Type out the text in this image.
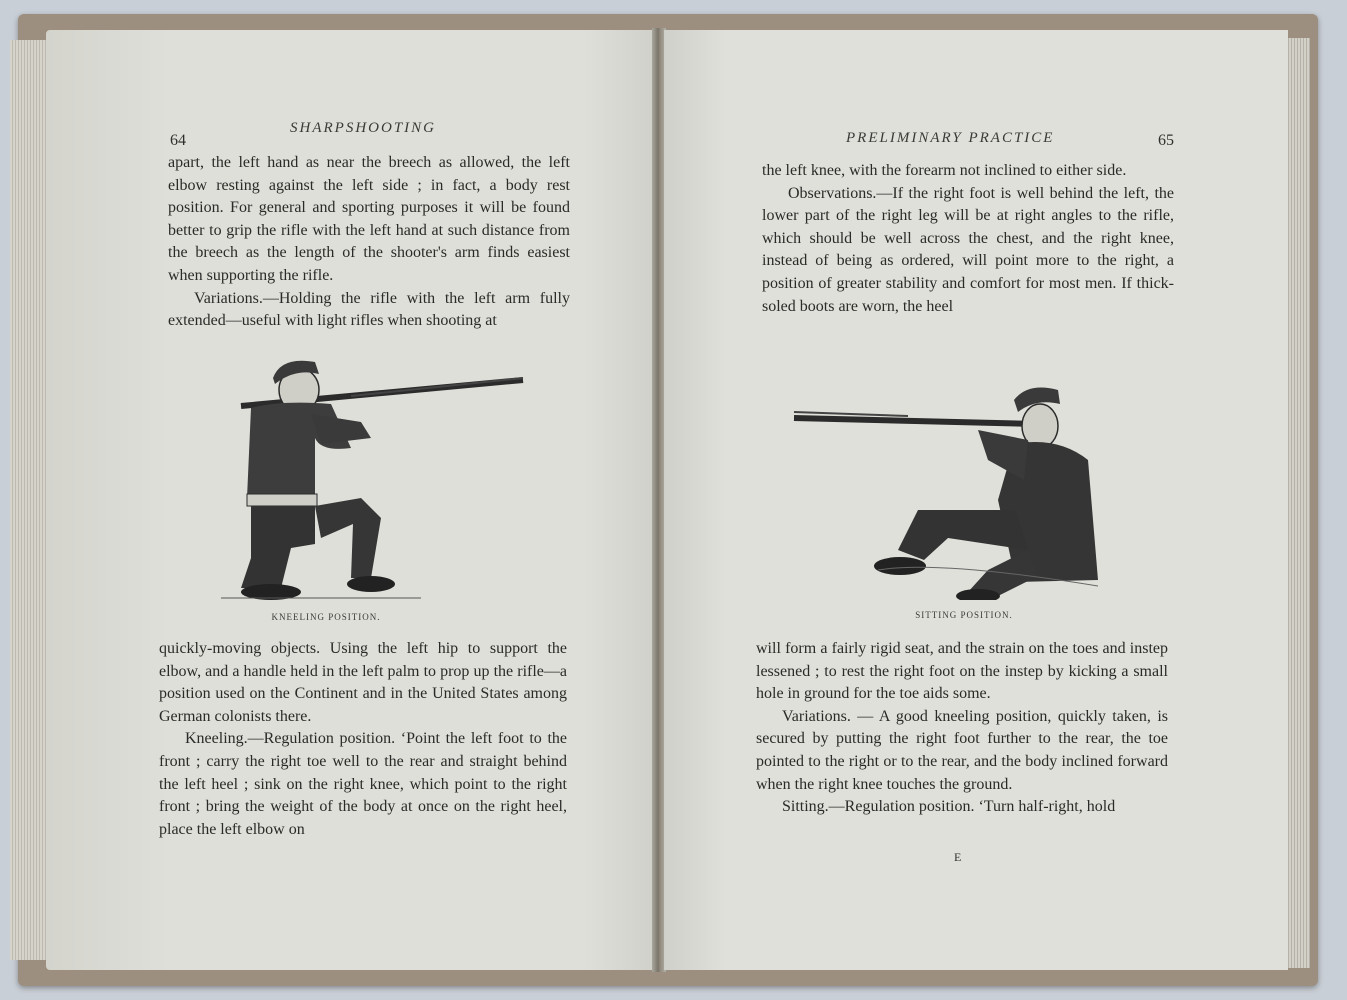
64
SHARPSHOOTING

apart, the left hand as near the breech as allowed, the left elbow resting against the left side ; in fact, a body rest position. For general and sporting purposes it will be found better to grip the rifle with the left hand at such distance from the breech as the length of the shooter's arm finds easiest when supporting the rifle.

Variations.—Holding the rifle with the left arm fully extended—useful with light rifles when shooting at

KNEELING POSITION.

quickly-moving objects. Using the left hip to support the elbow, and a handle held in the left palm to prop up the rifle—a position used on the Continent and in the United States among German colonists there.

Kneeling.—Regulation position. ‘Point the left foot to the front ; carry the right toe well to the rear and straight behind the left heel ; sink on the right knee, which point to the right front ; bring the weight of the body at once on the right heel, place the left elbow on

PRELIMINARY PRACTICE	65

the left knee, with the forearm not inclined to either side.

Observations.—If the right foot is well behind the left, the lower part of the right leg will be at right angles to the rifle, which should be well across the chest, and the right knee, instead of being as ordered, will point more to the right, a position of greater stability and comfort for most men. If thick-soled boots are worn, the heel

SITTING POSITION.

will form a fairly rigid seat, and the strain on the toes and instep lessened ; to rest the right foot on the instep by kicking a small hole in ground for the toe aids some.

Variations. — A good kneeling position, quickly taken, is secured by putting the right foot further to the rear, the toe pointed to the right or to the rear, and the body inclined forward when the right knee touches the ground.

Sitting.—Regulation position. ‘Turn half-right, hold

E
